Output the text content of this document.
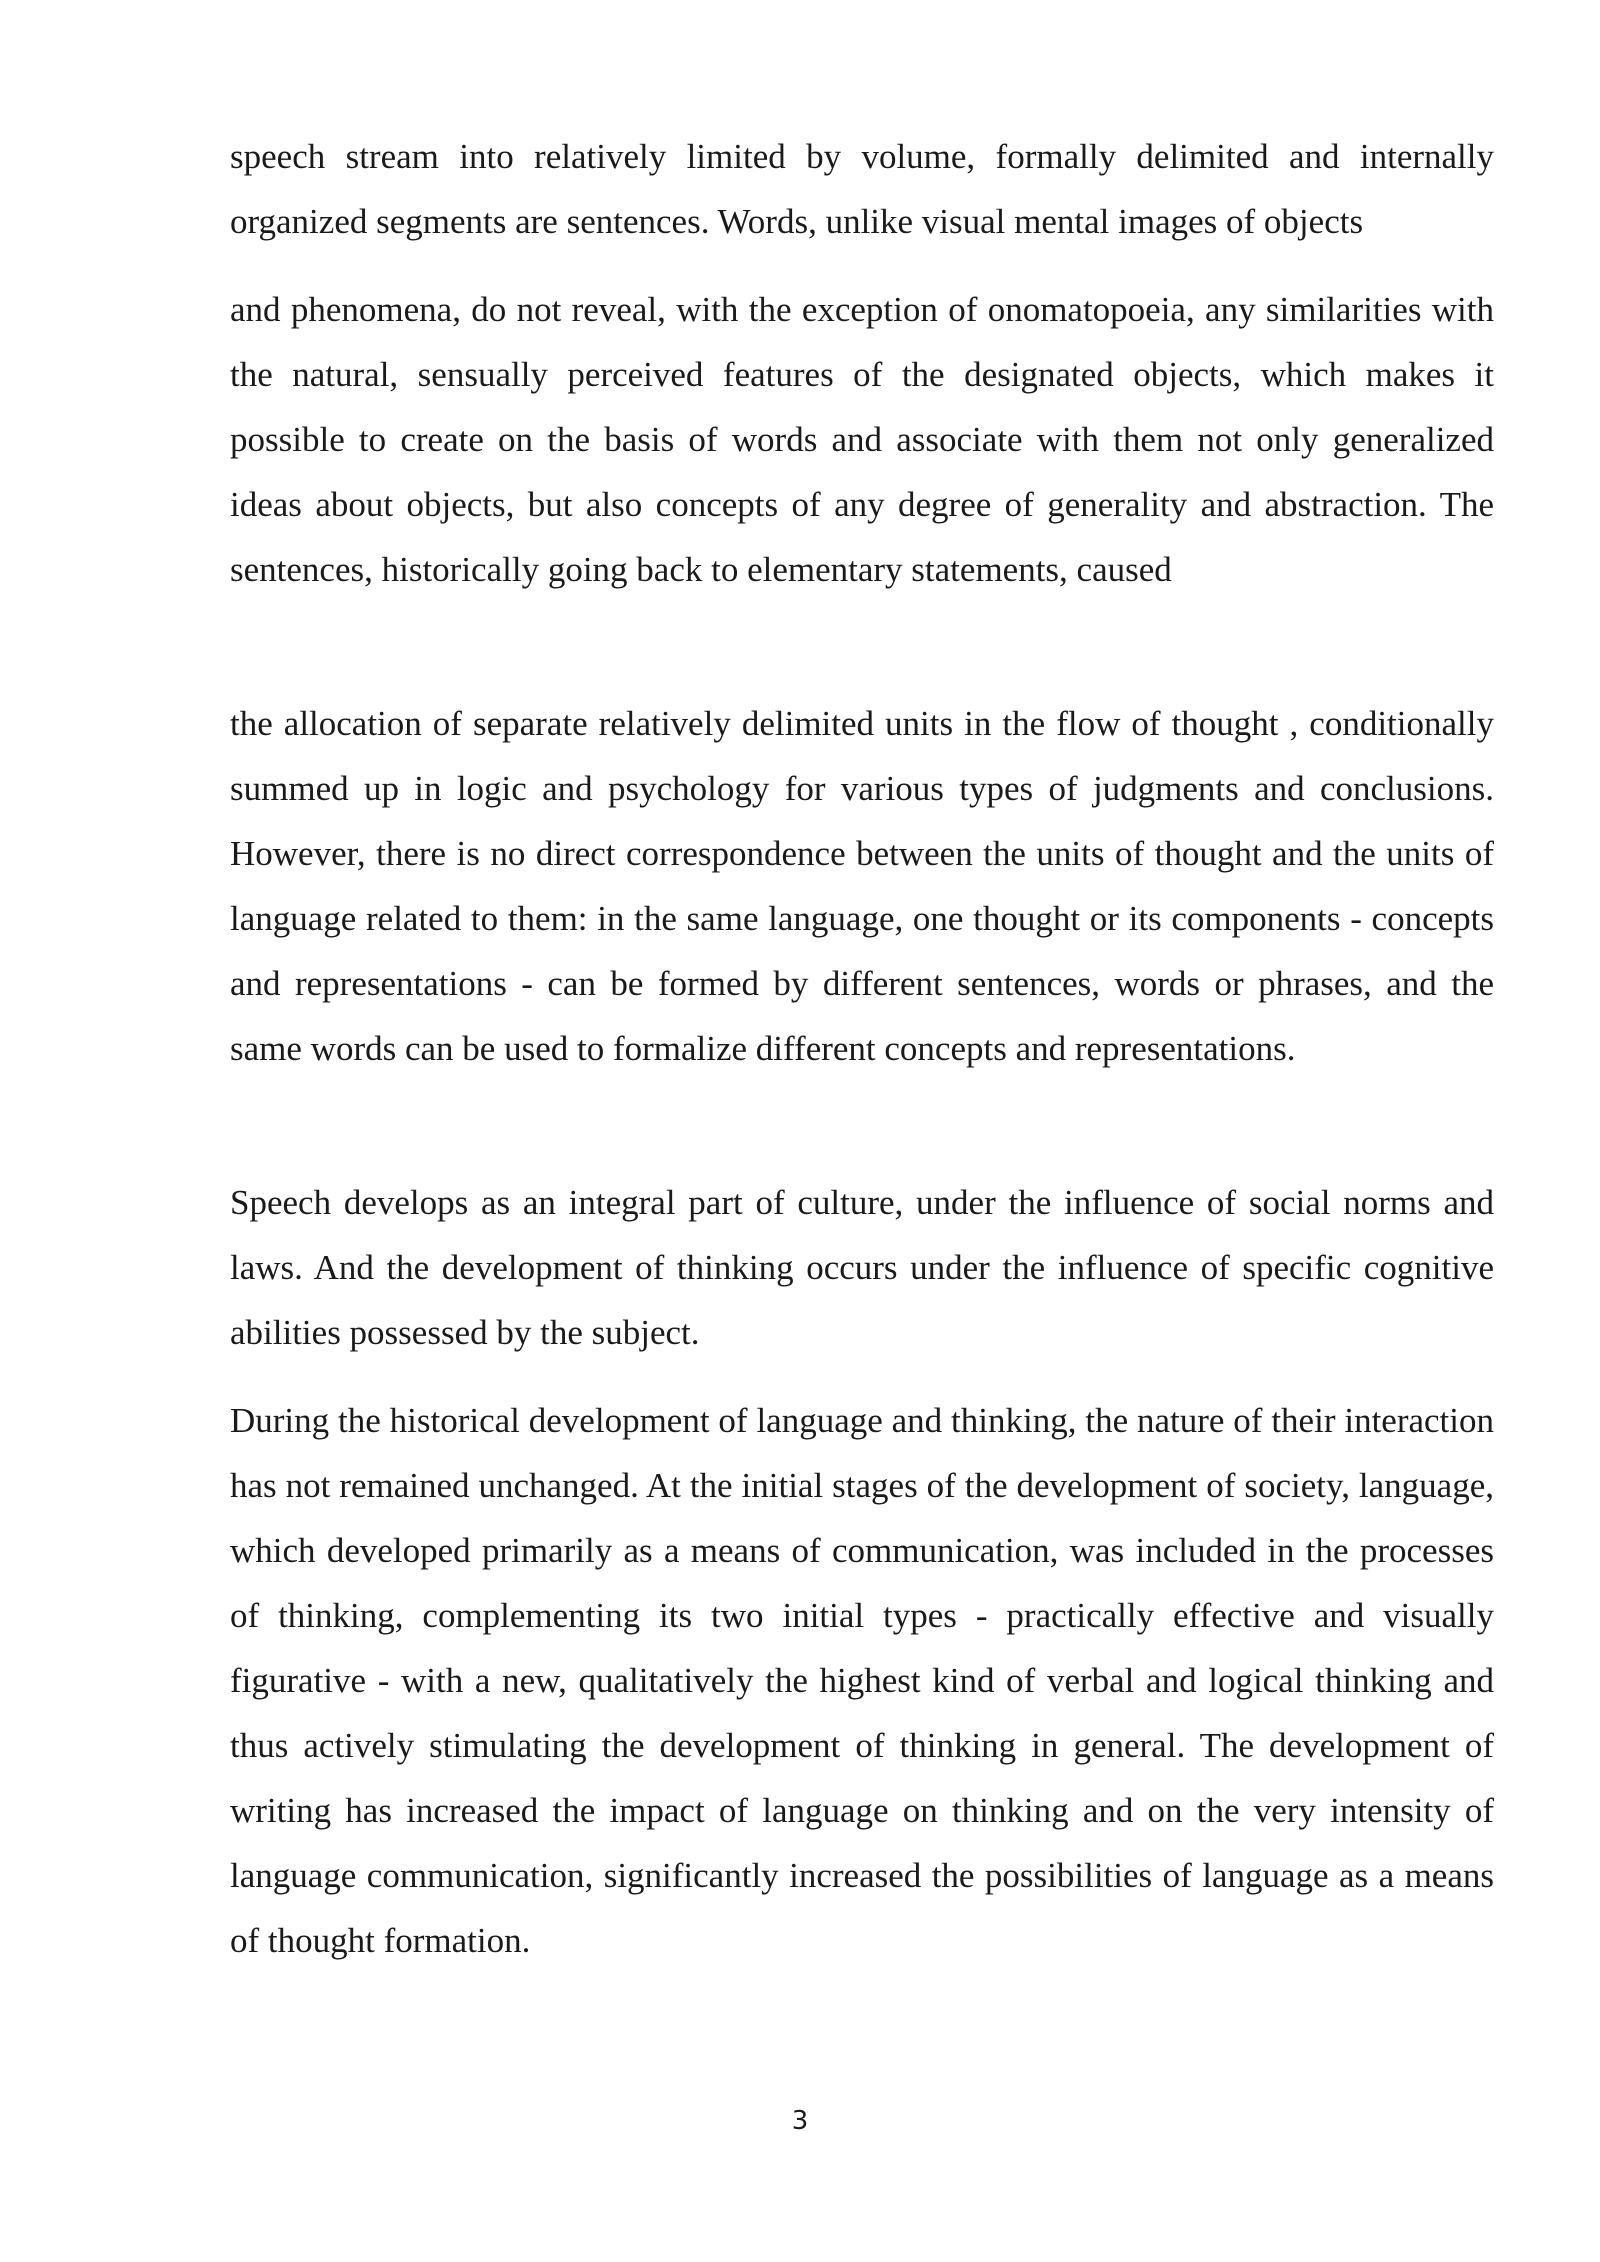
speech stream into relatively limited by volume, formally delimited and internally organized segments are sentences. Words, unlike visual mental images of objects

and phenomena, do not reveal, with the exception of onomatopoeia, any similarities with the natural, sensually perceived features of the designated objects, which makes it possible to create on the basis of words and associate with them not only generalized ideas about objects, but also concepts of any degree of generality and abstraction. The sentences, historically going back to elementary statements, caused

the allocation of separate relatively delimited units in the flow of thought , conditionally summed up in logic and psychology for various types of judgments and conclusions. However, there is no direct correspondence between the units of thought and the units of language related to them: in the same language, one thought or its components - concepts and representations - can be formed by different sentences, words or phrases, and the same words can be used to formalize different concepts and representations.

Speech develops as an integral part of culture, under the influence of social norms and laws. And the development of thinking occurs under the influence of specific cognitive abilities possessed by the subject.

During the historical development of language and thinking, the nature of their interaction has not remained unchanged. At the initial stages of the development of society, language, which developed primarily as a means of communication, was included in the processes of thinking, complementing its two initial types - practically effective and visually figurative - with a new, qualitatively the highest kind of verbal and logical thinking and thus actively stimulating the development of thinking in general. The development of writing has increased the impact of language on thinking and on the very intensity of language communication, significantly increased the possibilities of language as a means of thought formation.

3
